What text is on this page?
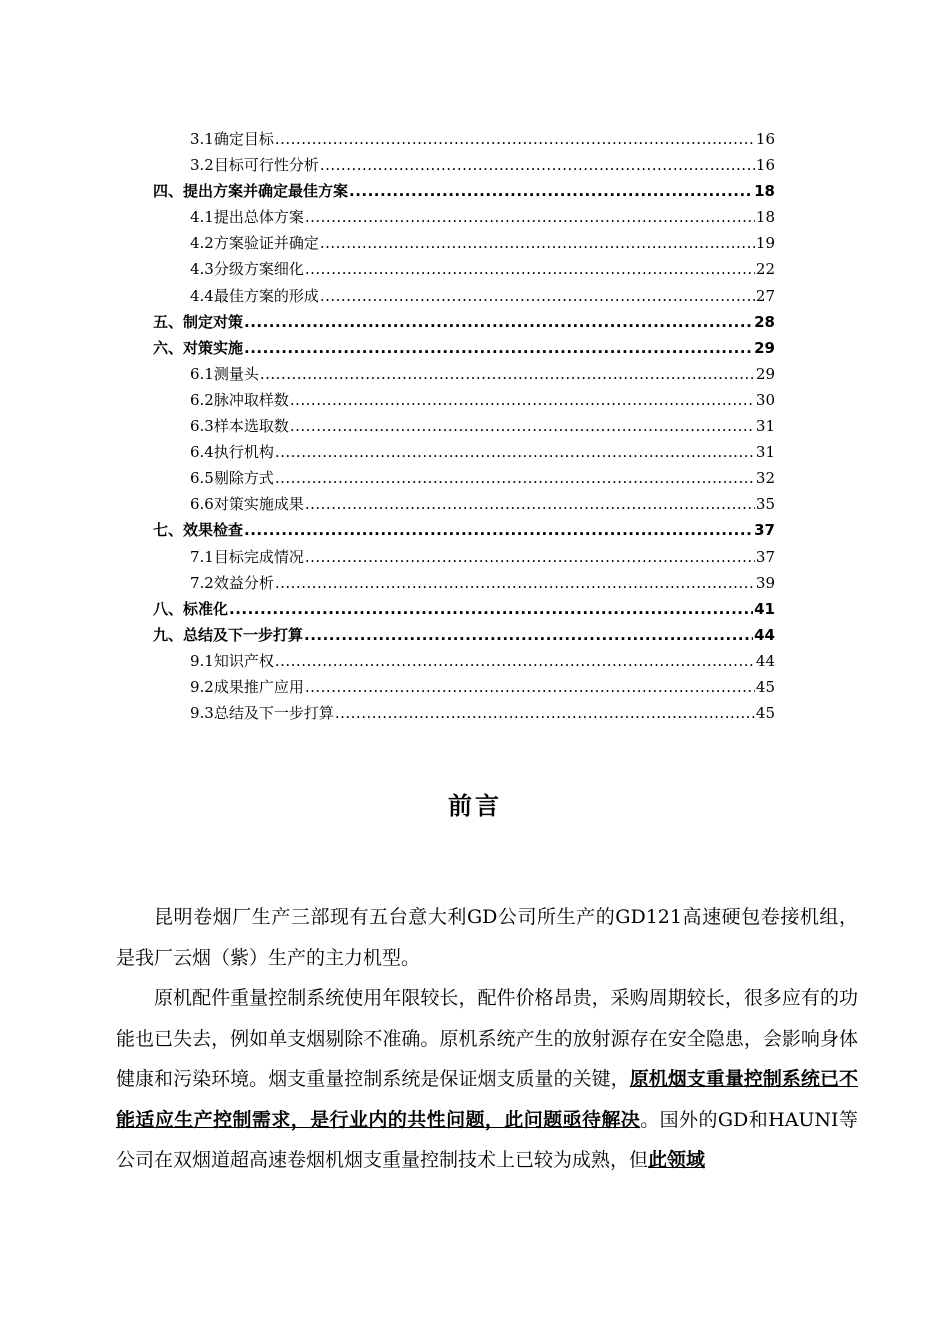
3.1确定目标 .....	16
3.2目标可行性分析 .....	16
四、提出方案并确定最佳方案 .....	18
4.1提出总体方案 .....	18
4.2方案验证并确定 .....	19
4.3分级方案细化 .....	22
4.4最佳方案的形成 .....	27
五、制定对策 .....	28
六、对策实施 .....	29
6.1测量头 .....	29
6.2脉冲取样数 .....	30
6.3样本选取数 .....	31
6.4执行机构 .....	31
6.5剔除方式 .....	32
6.6对策实施成果 .....	35
七、效果检查 .....	37
7.1目标完成情况 .....	37
7.2效益分析 .....	39
八、标准化 .....	41
九、总结及下一步打算 .....	44
9.1知识产权 .....	44
9.2成果推广应用 .....	45
9.3总结及下一步打算 .....	45
前言

昆明卷烟厂生产三部现有五台意大利GD公司所生产的GD121高速硬包卷接机组，是我厂云烟（紫）生产的主力机型。

原机配件重量控制系统使用年限较长，配件价格昂贵，采购周期较长，很多应有的功能也已失去，例如单支烟剔除不准确。原机系统产生的放射源存在安全隐患，会影响身体健康和污染环境。烟支重量控制系统是保证烟支质量的关键，原机烟支重量控制系统已不能适应生产控制需求，是行业内的共性问题，此问题亟待解决。国外的GD和HAUNI等公司在双烟道超高速卷烟机烟支重量控制技术上已较为成熟，但此领域
